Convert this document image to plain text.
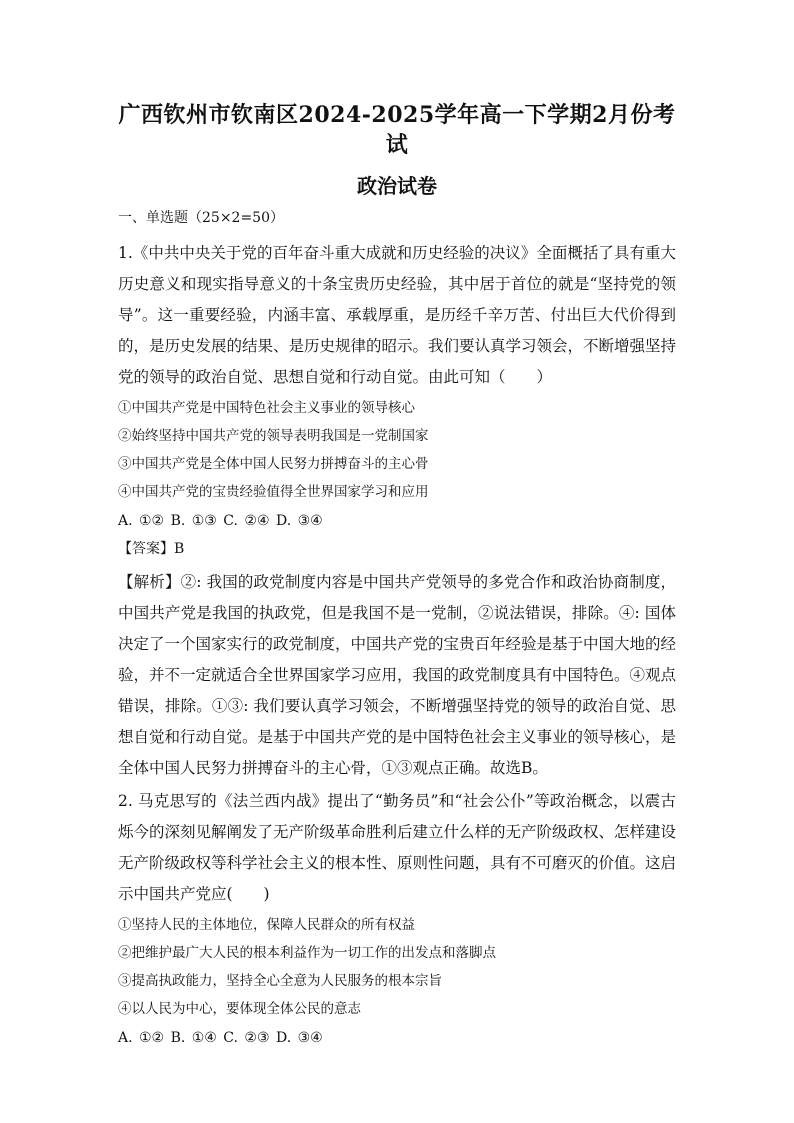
广西钦州市钦南区2024-2025学年高一下学期2月份考试
政治试卷
一、单选题（25×2=50）

1.《中共中央关于党的百年奋斗重大成就和历史经验的决议》全面概括了具有重大历史意义和现实指导意义的十条宝贵历史经验，其中居于首位的就是“坚持党的领导”。这一重要经验，内涵丰富、承载厚重，是历经千辛万苦、付出巨大代价得到的，是历史发展的结果、是历史规律的昭示。我们要认真学习领会，不断增强坚持党的领导的政治自觉、思想自觉和行动自觉。由此可知（　　）

①中国共产党是中国特色社会主义事业的领导核心
②始终坚持中国共产党的领导表明我国是一党制国家
③中国共产党是全体中国人民努力拼搏奋斗的主心骨
④中国共产党的宝贵经验值得全世界国家学习和应用
A. ①② B. ①③ C. ②④ D. ③④
【答案】B

【解析】②: 我国的政党制度内容是中国共产党领导的多党合作和政治协商制度，中国共产党是我国的执政党，但是我国不是一党制，②说法错误，排除。④: 国体决定了一个国家实行的政党制度，中国共产党的宝贵百年经验是基于中国大地的经验，并不一定就适合全世界国家学习应用，我国的政党制度具有中国特色。④观点错误，排除。①③: 我们要认真学习领会，不断增强坚持党的领导的政治自觉、思想自觉和行动自觉。是基于中国共产党的是中国特色社会主义事业的领导核心，是全体中国人民努力拼搏奋斗的主心骨，①③观点正确。故选B。

2. 马克思写的《法兰西内战》提出了“勤务员”和“社会公仆”等政治概念，以震古烁今的深刻见解阐发了无产阶级革命胜利后建立什么样的无产阶级政权、怎样建设无产阶级政权等科学社会主义的根本性、原则性问题，具有不可磨灭的价值。这启示中国共产党应(　　)

①坚持人民的主体地位，保障人民群众的所有权益
②把维护最广大人民的根本利益作为一切工作的出发点和落脚点
③提高执政能力，坚持全心全意为人民服务的根本宗旨
④以人民为中心，要体现全体公民的意志
A. ①② B. ①④ C. ②③ D. ③④
